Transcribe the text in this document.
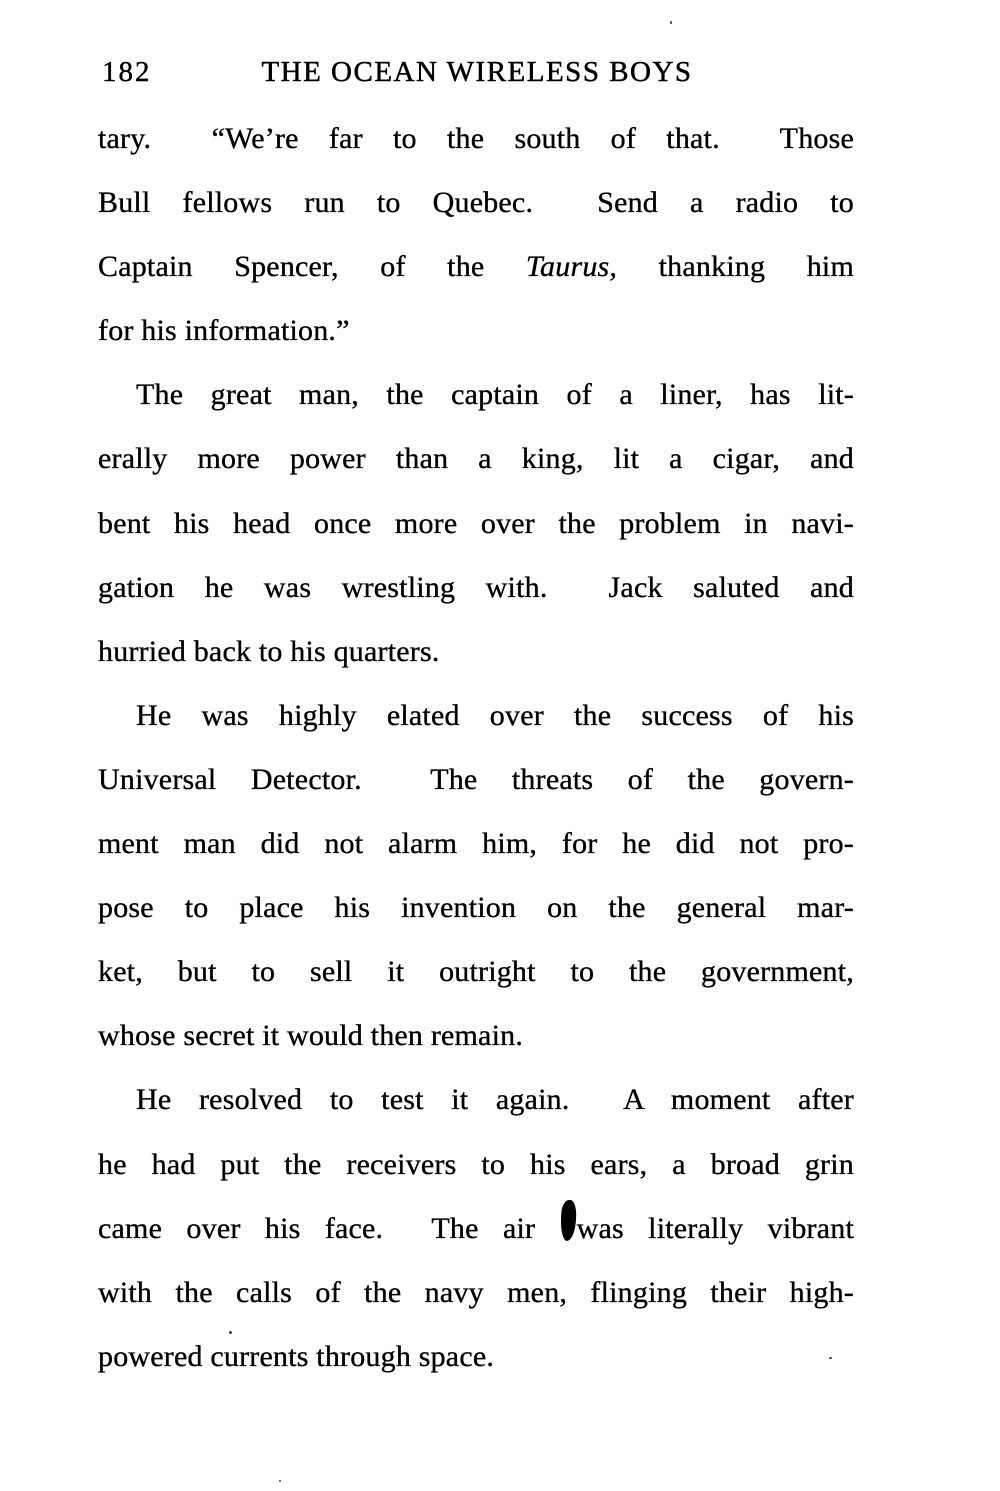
182	THE OCEAN WIRELESS BOYS
tary.  “We’re far to the south of that.  Those
Bull fellows run to Quebec.  Send a radio to
Captain Spencer, of the Taurus, thanking him
for his information.”
The great man, the captain of a liner, has lit-
erally more power than a king, lit a cigar, and
bent his head once more over the problem in navi-
gation he was wrestling with.  Jack saluted and
hurried back to his quarters.
He was highly elated over the success of his
Universal Detector.  The threats of the govern-
ment man did not alarm him, for he did not pro-
pose to place his invention on the general mar-
ket, but to sell it outright to the government,
whose secret it would then remain.
He resolved to test it again.  A moment after
he had put the receivers to his ears, a broad grin
came over his face.  The air was literally vibrant
with the calls of the navy men, flinging their high-
powered currents through space.
